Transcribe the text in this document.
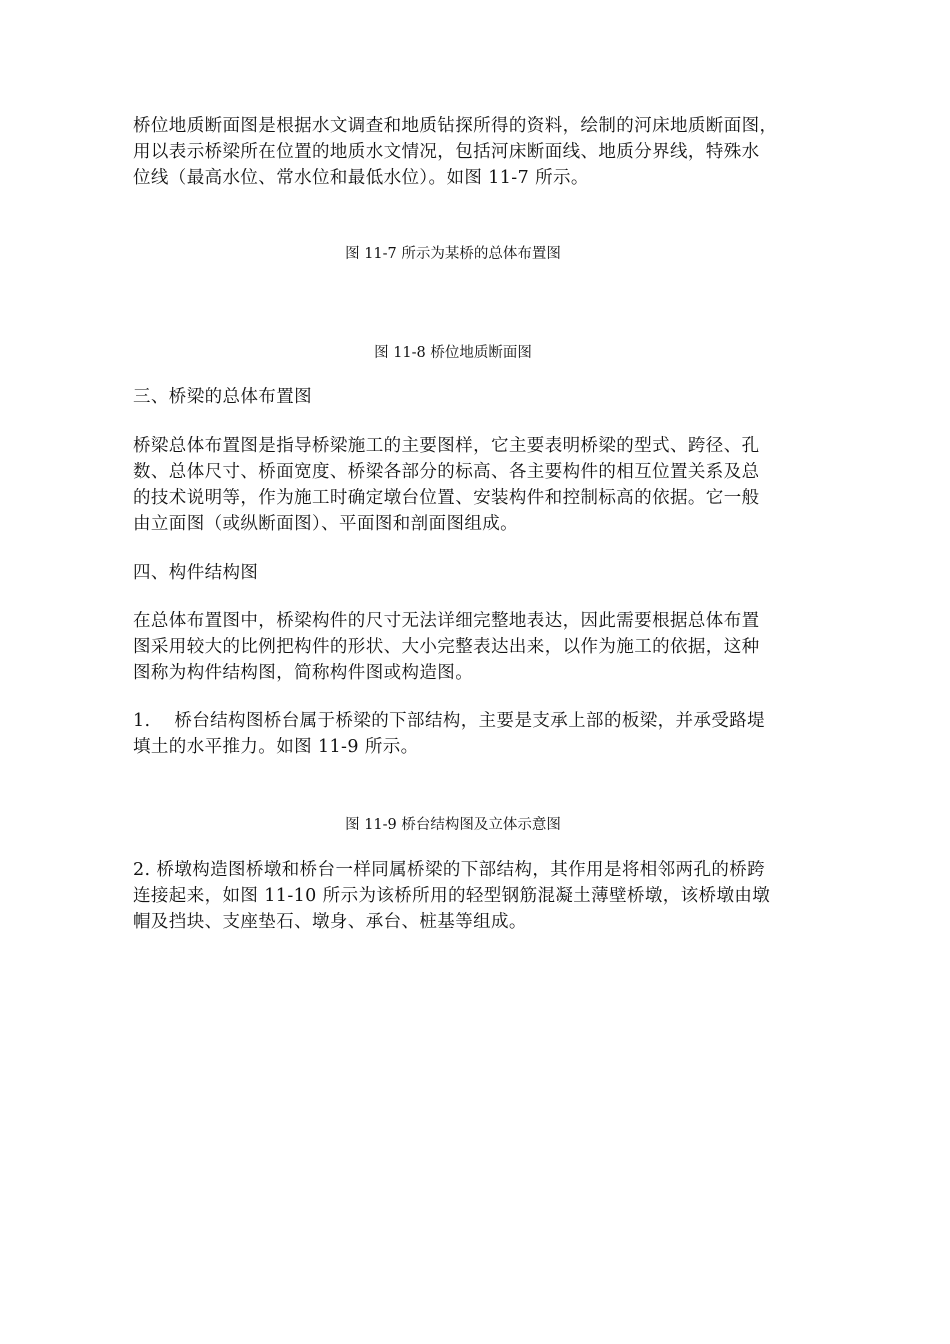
桥位地质断面图是根据水文调查和地质钻探所得的资料，绘制的河床地质断面图，
用以表示桥梁所在位置的地质水文情况，包括河床断面线、地质分界线，特殊水
位线（最高水位、常水位和最低水位）。如图 11-7 所示。

图 11-7 所示为某桥的总体布置图

图 11-8 桥位地质断面图

三、桥梁的总体布置图
桥梁总体布置图是指导桥梁施工的主要图样，它主要表明桥梁的型式、跨径、孔
数、总体尺寸、桥面宽度、桥梁各部分的标高、各主要构件的相互位置关系及总
的技术说明等，作为施工时确定墩台位置、安装构件和控制标高的依据。它一般
由立面图（或纵断面图）、平面图和剖面图组成。
四、构件结构图
在总体布置图中，桥梁构件的尺寸无法详细完整地表达，因此需要根据总体布置
图采用较大的比例把构件的形状、大小完整表达出来，以作为施工的依据，这种
图称为构件结构图，简称构件图或构造图。
1.    桥台结构图桥台属于桥梁的下部结构，主要是支承上部的板梁，并承受路堤
填土的水平推力。如图 11-9 所示。

图 11-9 桥台结构图及立体示意图

2. 桥墩构造图桥墩和桥台一样同属桥梁的下部结构，其作用是将相邻两孔的桥跨
连接起来，如图 11-10 所示为该桥所用的轻型钢筋混凝土薄壁桥墩，该桥墩由墩
帽及挡块、支座垫石、墩身、承台、桩基等组成。
